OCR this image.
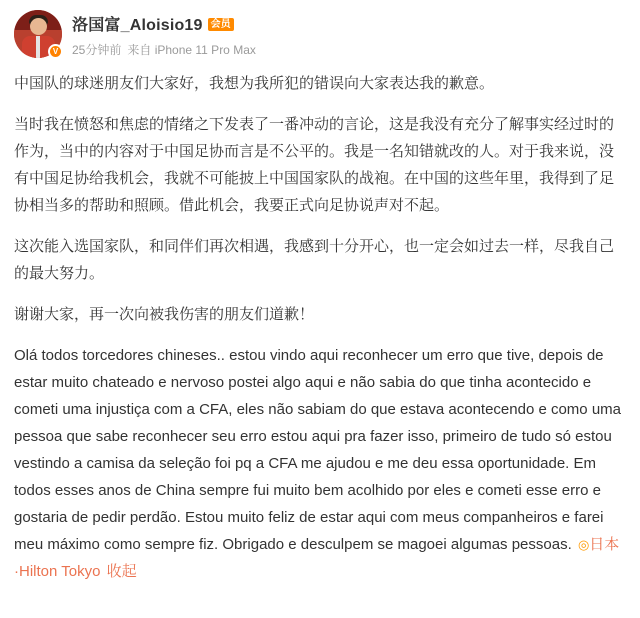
V
洛国富_Aloisio19 会员
25分钟前 来自 iPhone 11 Pro Max

中国队的球迷朋友们大家好，我想为我所犯的错误向大家表达我的歉意。

当时我在愤怒和焦虑的情绪之下发表了一番冲动的言论，这是我没有充分了解事实经过时的作为，当中的内容对于中国足协而言是不公平的。我是一名知错就改的人。对于我来说，没有中国足协给我机会，我就不可能披上中国国家队的战袍。在中国的这些年里，我得到了足协相当多的帮助和照顾。借此机会，我要正式向足协说声对不起。

这次能入选国家队，和同伴们再次相遇，我感到十分开心，也一定会如过去一样，尽我自己的最大努力。

谢谢大家，再一次向被我伤害的朋友们道歉！

Olá todos torcedores chineses.. estou vindo aqui reconhecer um erro que tive, depois de estar muito chateado e nervoso postei algo aqui e não sabia do que tinha acontecido e cometi uma injustiça com a CFA, eles não sabiam do que estava acontecendo e como uma pessoa que sabe reconhecer seu erro estou aqui pra fazer isso, primeiro de tudo só estou vestindo a camisa da seleção foi pq a CFA me ajudou e me deu essa oportunidade. Em todos esses anos de China sempre fui muito bem acolhido por eles e cometi esse erro e gostaria de pedir perdão. Estou muito feliz de estar aqui com meus companheiros e farei meu máximo como sempre fiz. Obrigado e desculpem se magoei algumas pessoas. ◎日本·Hilton Tokyo 收起
